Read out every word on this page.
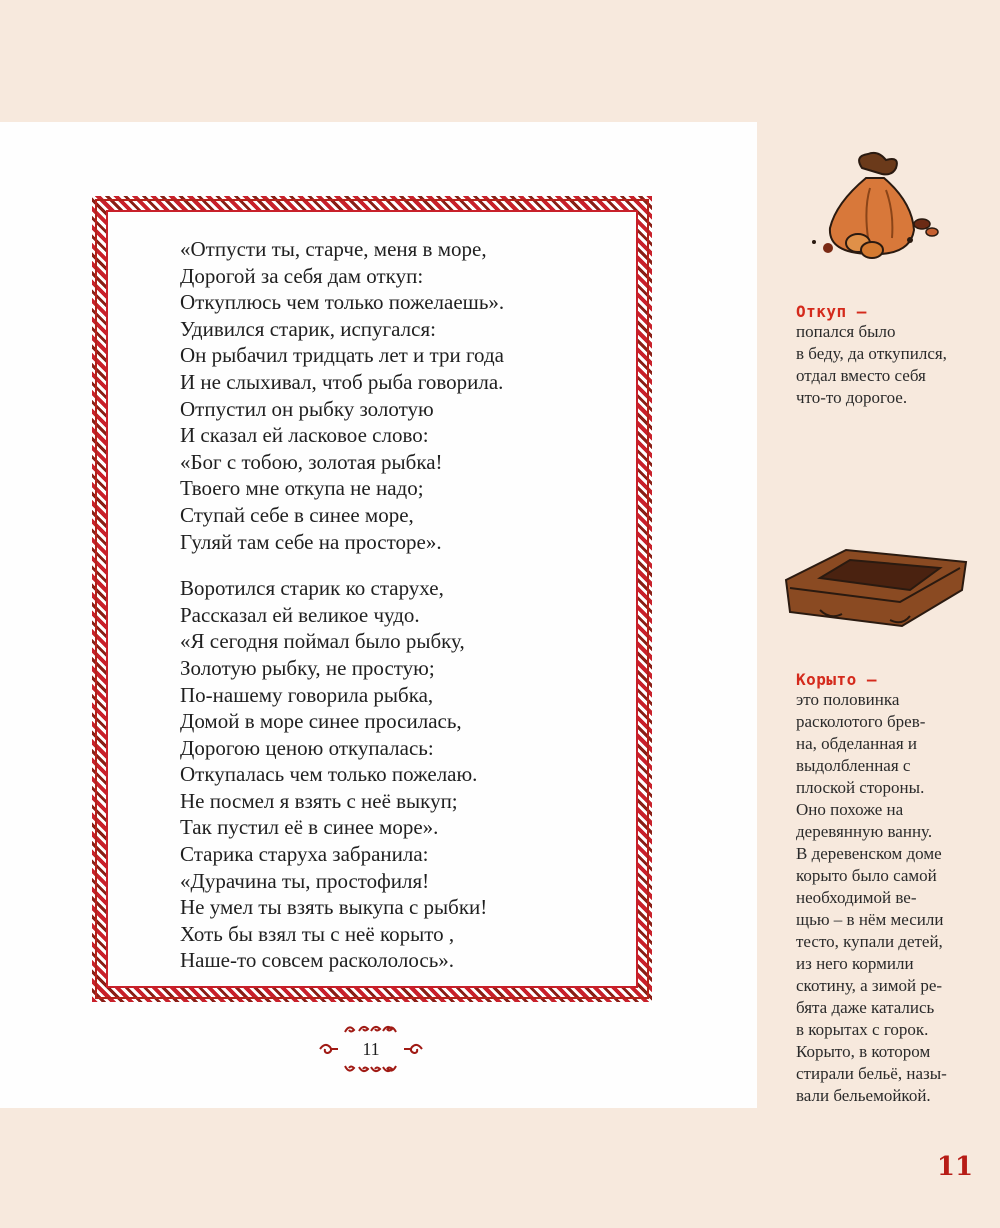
«Отпусти ты, старче, меня в море,
Дорогой за себя дам откуп:
Откуплюсь чем только пожелаешь».
Удивился старик, испугался:
Он рыбачил тридцать лет и три года
И не слыхивал, чтоб рыба говорила.
Отпустил он рыбку золотую
И сказал ей ласковое слово:
«Бог с тобою, золотая рыбка!
Твоего мне откупа не надо;
Ступай себе в синее море,
Гуляй там себе на просторе».
Воротился старик ко старухе,
Рассказал ей великое чудо.
«Я сегодня поймал было рыбку,
Золотую рыбку, не простую;
По-нашему говорила рыбка,
Домой в море синее просилась,
Дорогою ценою откупалась:
Откупалась чем только пожелаю.
Не посмел я взять с неё выкуп;
Так пустил её в синее море».
Старика старуха забранила:
«Дурачина ты, простофиля!
Не умел ты взять выкупа с рыбки!
Хоть бы взял ты с неё корыто ,
Наше-то совсем раскололось».
11
Откуп –
попался было
в беду, да откупился,
отдал вместо себя
что-то дорогое.
Корыто –
это половинка
расколотого брев-
на, обделанная и
выдолбленная с
плоской стороны.
Оно похоже на
деревянную ванну.
В деревенском доме
корыто было самой
необходимой ве-
щью – в нём месили
тесто, купали детей,
из него кормили
скотину, а зимой ре-
бята даже катались
в корытах с горок.
Корыто, в котором
стирали бельё, назы-
вали бельемойкой.
11
